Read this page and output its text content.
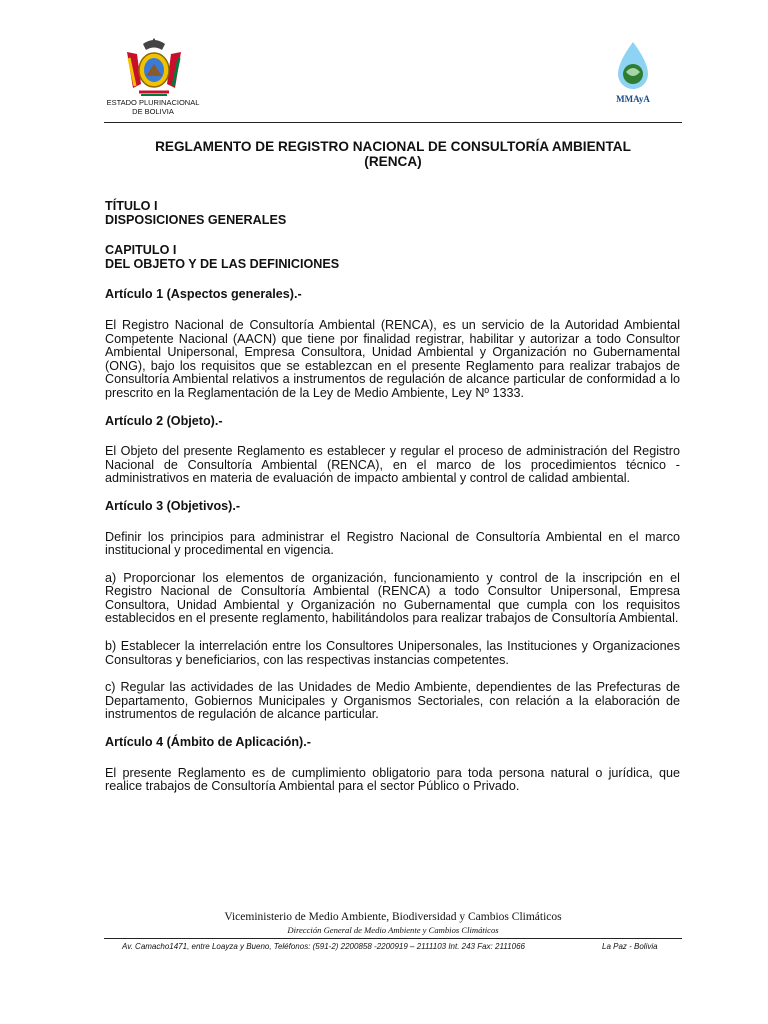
ESTADO PLURINACIONAL
DE BOLIVIA
MMAyA
REGLAMENTO DE REGISTRO NACIONAL DE CONSULTORÍA AMBIENTAL
(RENCA)

TÍTULO I

DISPOSICIONES GENERALES

CAPITULO I

DEL OBJETO Y DE LAS DEFINICIONES

Artículo 1 (Aspectos generales).-

El Registro Nacional de Consultoría Ambiental (RENCA), es un servicio de la Autoridad Ambiental Competente Nacional (AACN) que tiene por finalidad registrar, habilitar y autorizar a todo Consultor Ambiental Unipersonal, Empresa Consultora, Unidad Ambiental y Organización no Gubernamental (ONG), bajo los requisitos que se establezcan en el presente Reglamento para realizar trabajos de Consultoría Ambiental relativos a instrumentos de regulación de alcance particular de conformidad a lo prescrito en la Reglamentación de la Ley de Medio Ambiente, Ley Nº 1333.

Artículo 2 (Objeto).-

El Objeto del presente Reglamento es establecer y regular el proceso de administración del Registro Nacional de Consultoría Ambiental (RENCA), en el marco de los procedimientos técnico - administrativos en materia de evaluación de impacto ambiental y control de calidad ambiental.

Artículo 3 (Objetivos).-

Definir los principios para administrar el Registro Nacional de Consultoría Ambiental en el marco institucional y procedimental en vigencia.

a) Proporcionar los elementos de organización, funcionamiento y control de la inscripción en el Registro Nacional de Consultoría Ambiental (RENCA) a todo Consultor Unipersonal, Empresa Consultora, Unidad Ambiental y Organización no Gubernamental que cumpla con los requisitos establecidos en el presente reglamento, habilitándolos para realizar trabajos de Consultoría Ambiental.

b) Establecer la interrelación entre los Consultores Unipersonales, las Instituciones y Organizaciones Consultoras y beneficiarios, con las respectivas instancias competentes.

c) Regular las actividades de las Unidades de Medio Ambiente, dependientes de las Prefecturas de Departamento, Gobiernos Municipales y Organismos Sectoriales, con relación a la elaboración de instrumentos de regulación de alcance particular.

Artículo 4 (Ámbito de Aplicación).-

El presente Reglamento es de cumplimiento obligatorio para toda persona natural o jurídica, que realice trabajos de Consultoría Ambiental para el sector Público o Privado.

Viceministerio de Medio Ambiente, Biodiversidad y Cambios Climáticos
Dirección General de Medio Ambiente y Cambios Climáticos
Av. Camacho1471, entre Loayza y Bueno, Teléfonos: (591-2) 2200858 -2200919 – 2111103 Int. 243 Fax: 2111066	La Paz - Bolivia
